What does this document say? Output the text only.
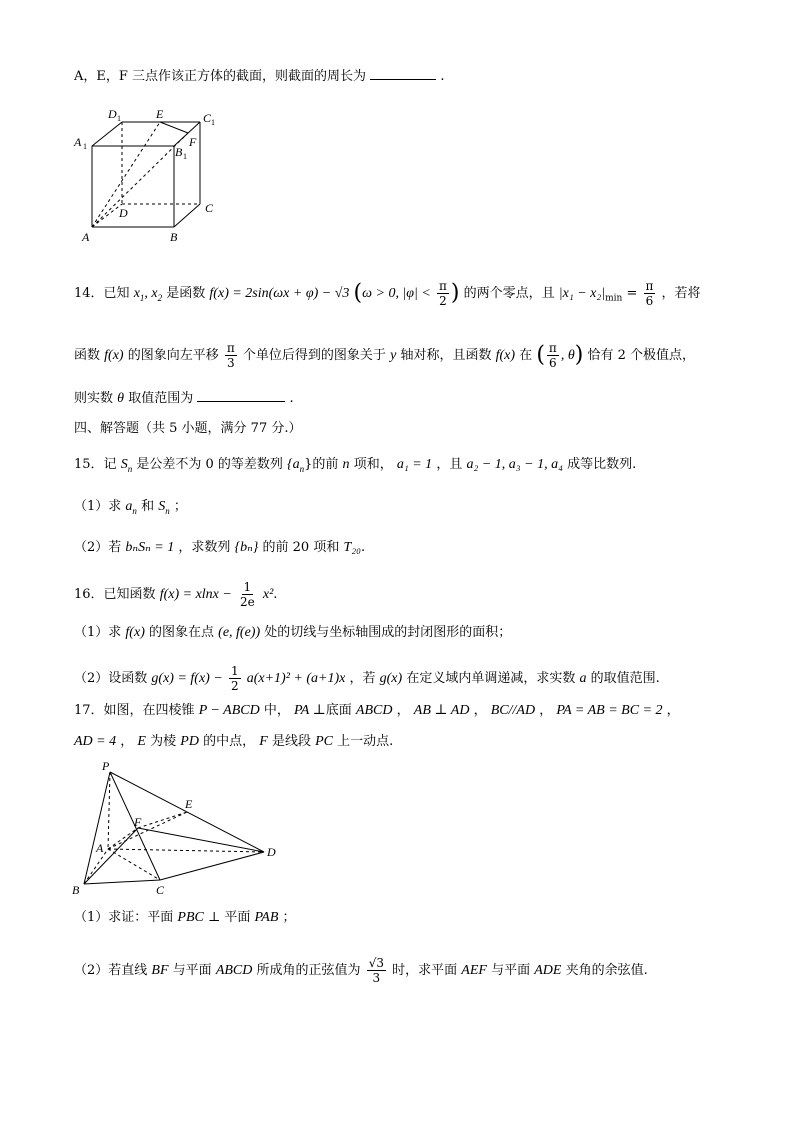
A，E，F 三点作该正方体的截面，则截面的周长为	.
D 1	E	C 1
A 1	F
B 1
D	C
A	B
14．已知 $x_1$, $x_2$ 是函数 f(x) = 2sin(ωx + φ) − √3 (ω > 0, $|\varphi| < \frac{\pi}{2}$ ) 的两个零点，且 $|x_1 - x_2|_{min} = \frac{\pi}{6}$ ，若将
函数 f(x) 的图象向左平移 $\frac{\pi}{3}$ 个单位后得到的图象关于 y 轴对称，且函数 f(x) 在 ( $\frac{\pi}{6}$ , θ) 恰有 2 个极值点，
则实数 θ 取值范围为	.
四、解答题（共 5 小题，满分 77 分.）
15．记 $S_n$ 是公差不为 0 的等差数列 $\{a_n\}$的前 n 项和， a₁ = 1 ，且 a₂ − 1, a₃ − 1, a₄ 成等比数列.
（1）求 $a_n$ 和 $S_n$ ；
（2）若 bₙSₙ = 1 ，求数列 {bₙ} 的前 20 项和 T₂₀.
16．已知函数 $f(x) = xlnx - \frac{1}{2e} x^2$.
（1）求 f(x) 的图象在点 (e, f(e)) 处的切线与坐标轴围成的封闭图形的面积；
（2）设函数 $g(x) = f(x) - \frac{1}{2} a(x+1)^2 + (a+1)x$ ，若 g(x) 在定义域内单调递减，求实数 a 的取值范围.
17．如图，在四棱锥 P − ABCD 中， PA ⊥底面 ABCD ， AB ⊥ AD ， BC//AD ， PA = AB = BC = 2 ，
AD = 4 ， E 为棱 PD 的中点， F 是线段 PC 上一动点.
P
E
F
A	D
B	C
（1）求证：平面 PBC ⊥ 平面 PAB ；
（2）若直线 BF 与平面 ABCD 所成角的正弦值为 $\frac{√3}{3}$ 时，求平面 AEF 与平面 ADE 夹角的余弦值.
